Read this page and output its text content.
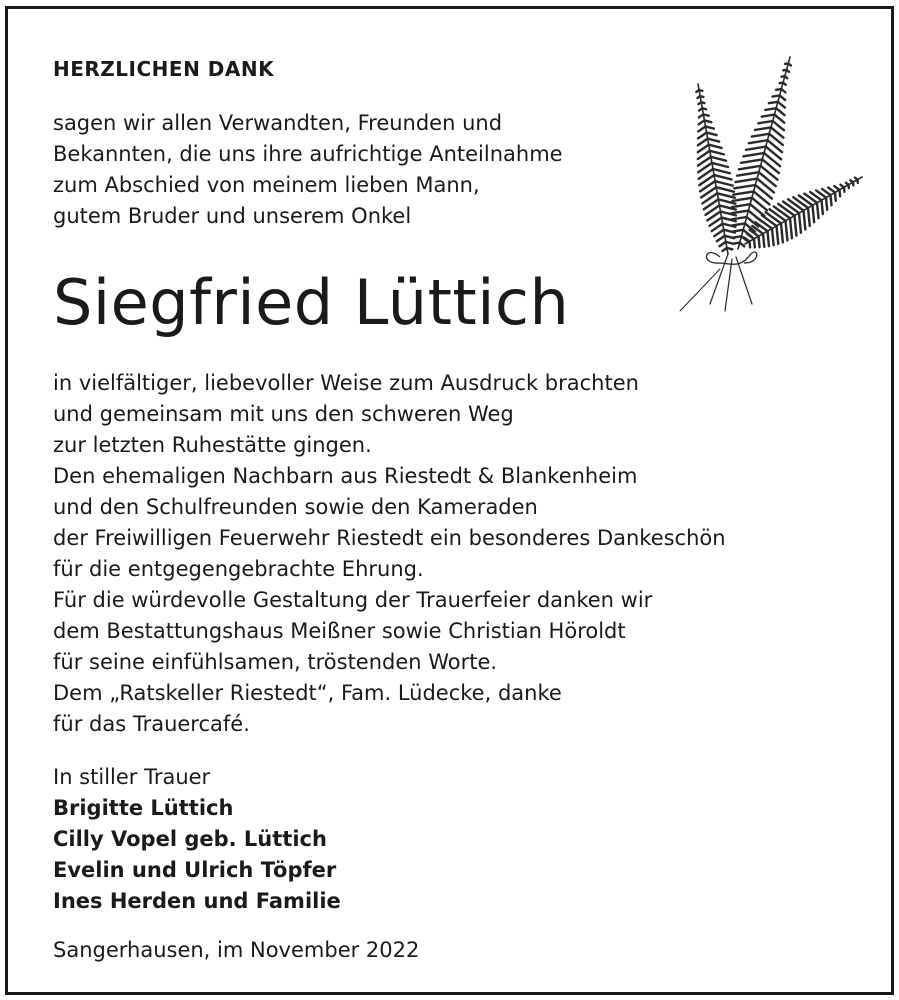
HERZLICHEN DANK
sagen wir allen Verwandten, Freunden und
Bekannten, die uns ihre aufrichtige Anteilnahme
zum Abschied von meinem lieben Mann,
gutem Bruder und unserem Onkel
Siegfried Lüttich
in vielfältiger, liebevoller Weise zum Ausdruck brachten
und gemeinsam mit uns den schweren Weg
zur letzten Ruhestätte gingen.
Den ehemaligen Nachbarn aus Riestedt & Blankenheim
und den Schulfreunden sowie den Kameraden
der Freiwilligen Feuerwehr Riestedt ein besonderes Dankeschön
für die entgegengebrachte Ehrung.
Für die würdevolle Gestaltung der Trauerfeier danken wir
dem Bestattungshaus Meißner sowie Christian Höroldt
für seine einfühlsamen, tröstenden Worte.
Dem „Ratskeller Riestedt“, Fam. Lüdecke, danke
für das Trauercafé.
In stiller Trauer
Brigitte Lüttich
Cilly Vopel geb. Lüttich
Evelin und Ulrich Töpfer
Ines Herden und Familie
Sangerhausen, im November 2022
